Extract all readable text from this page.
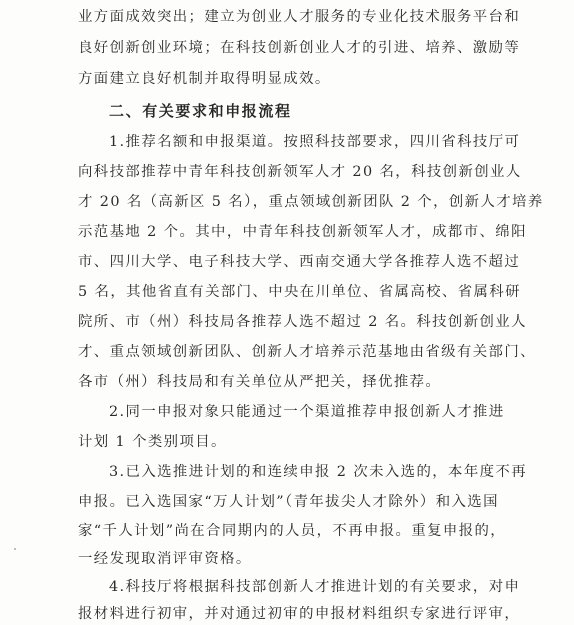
业方面成效突出；建立为创业人才服务的专业化技术服务平台和
良好创新创业环境；在科技创新创业人才的引进、培养、激励等
方面建立良好机制并取得明显成效。
二、有关要求和申报流程
1.推荐名额和申报渠道。按照科技部要求，四川省科技厅可
向科技部推荐中青年科技创新领军人才 20 名，科技创新创业人
才 20 名（高新区 5 名），重点领域创新团队 2 个，创新人才培养
示范基地 2 个。其中，中青年科技创新领军人才，成都市、绵阳
市、四川大学、电子科技大学、西南交通大学各推荐人选不超过
5 名，其他省直有关部门、中央在川单位、省属高校、省属科研
院所、市（州）科技局各推荐人选不超过 2 名。科技创新创业人
才、重点领域创新团队、创新人才培养示范基地由省级有关部门、
各市（州）科技局和有关单位从严把关，择优推荐。
2.同一申报对象只能通过一个渠道推荐申报创新人才推进
计划 1 个类别项目。
3.已入选推进计划的和连续申报 2 次未入选的，本年度不再
申报。已入选国家“万人计划”（青年拔尖人才除外）和入选国
家“千人计划”尚在合同期内的人员，不再申报。重复申报的，
一经发现取消评审资格。
4.科技厅将根据科技部创新人才推进计划的有关要求，对申
报材料进行初审，并对通过初审的申报材料组织专家进行评审，
